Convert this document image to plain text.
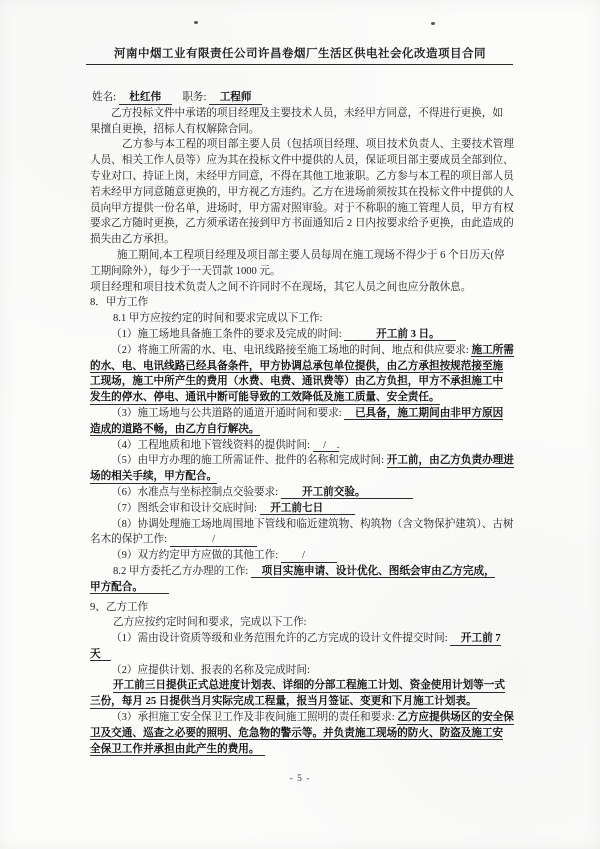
河南中烟工业有限责任公司许昌卷烟厂生活区供电社会化改造项目合同
姓名: 　杜红伟　　职务: 　工程师　
乙方投标文件中承诺的项目经理及主要技术人员，未经甲方同意，不得进行更换，如
果擅自更换，招标人有权解除合同。
乙方参与本工程的项目部主要人员（包括项目经理、项目技术负责人、主要技术管理
人员、相关工作人员等）应为其在投标文件中提供的人员，保证项目部主要成员全部到位、
专业对口、持证上岗，未经甲方同意，不得在其他工地兼职。乙方参与本工程的项目部人员
若未经甲方同意随意更换的，甲方视乙方违约。乙方在进场前须按其在投标文件中提供的人
员向甲方提供一份名单，进场时，甲方需对照审验。对于不称职的施工管理人员，甲方有权
要求乙方随时更换，乙方须承诺在接到甲方书面通知后 2 日内按要求给予更换，由此造成的
损失由乙方承担。
施工期间,本工程项目经理及项目部主要人员每周在施工现场不得少于 6 个日历天(停
工期间除外），每少于一天罚款 1000 元。
项目经理和项目技术负责人之间不许同时不在现场，其它人员之间也应分散休息。
8．甲方工作
8.1 甲方应按约定的时间和要求完成以下工作:
（1）施工场地具备施工条件的要求及完成的时间: 　　　开工前 3 日。　　
（2）将施工所需的水、电、电讯线路接至施工场地的时间、地点和供应要求: 施工所需
的水、电、电讯线路已经具备条件，甲方协调总承包单位提供，由乙方承担按规范接至施
工现场，施工中所产生的费用（水费、电费、通讯费等）由乙方负担，甲方不承担施工中
发生的停水、停电、通讯中断可能导致的工效降低及施工质量、安全责任。
（3）施工场地与公共道路的通道开通时间和要求: 　已具备，施工期间由非甲方原因
造成的道路不畅，由乙方自行解决。
（4）工程地质和地下管线资料的提供时间: 　/　.
（5）由甲方办理的施工所需证件、批件的名称和完成时间: 开工前，由乙方负责办理进
场的相关手续，甲方配合。
（6）水准点与坐标控制点交验要求: 　　开工前交验。　　　　　
（7）图纸会审和设计交底时间: 　开工前七日　　　
（8）协调处理施工场地周围地下管线和临近建筑物、构筑物（含文物保护建筑）、古树
名木的保护工作: 　　　　/　　　　
（9）双方约定甲方应做的其他工作: 　　/　　　
8.2 甲方委托乙方办理的工作: 　项目实施申请、设计优化、图纸会审由乙方完成，
甲方配合。　　　
9、乙方工作
乙方应按约定时间和要求，完成以下工作:
（1）需由设计资质等级和业务范围允许的乙方完成的设计文件提交时间: 　开工前 7
天　
（2）应提供计划、报表的名称及完成时间:
开工前三日提供正式总进度计划表、详细的分部工程施工计划、资金使用计划等一式
三份，每月 25 日提供当月实际完成工程量，报当月签证、变更和下月施工计划表。
（3）承担施工安全保卫工作及非夜间施工照明的责任和要求: 乙方应提供场区的安全保
卫及交通、巡查之必要的照明、危急物的警示等。并负责施工现场的防火、防盗及施工安
全保卫工作并承担由此产生的费用。　
- 5 -
